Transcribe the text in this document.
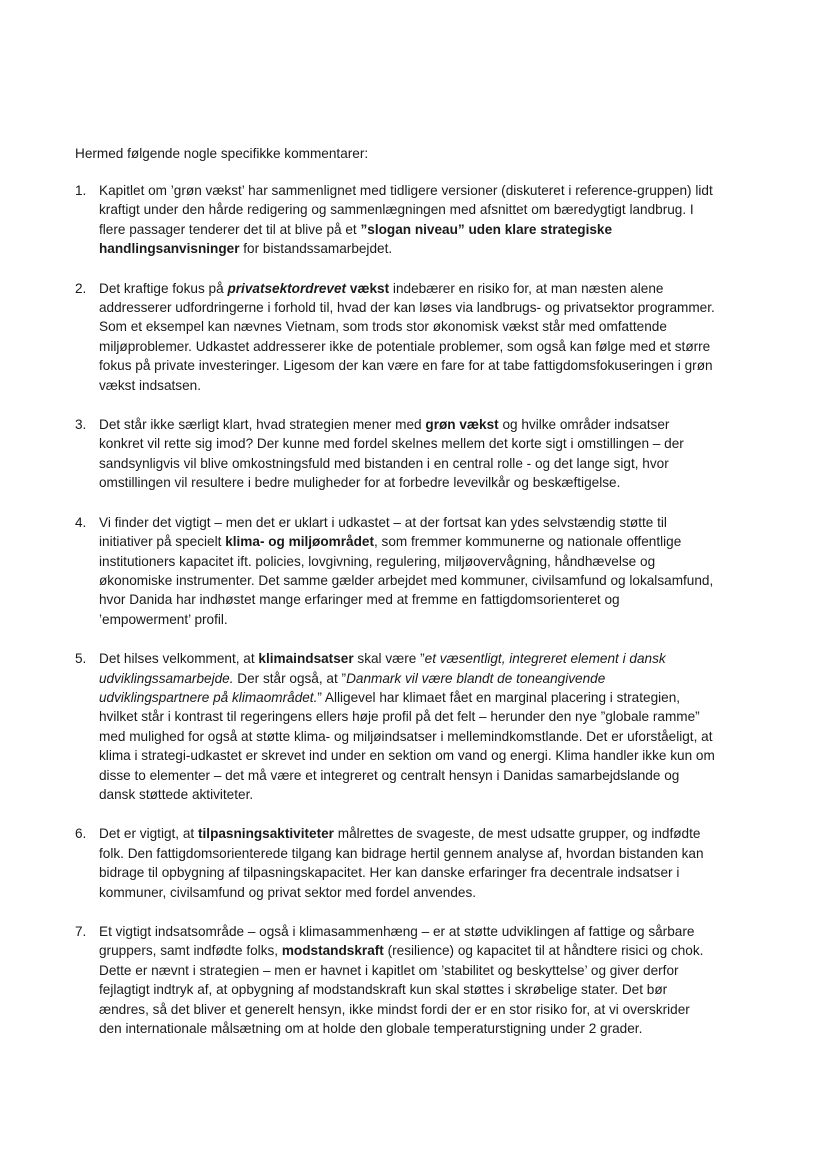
Hermed følgende nogle specifikke kommentarer:

1. Kapitlet om ’grøn vækst’ har sammenlignet med tidligere versioner (diskuteret i reference-gruppen) lidt kraftigt under den hårde redigering og sammenlægningen med afsnittet om bæredygtigt landbrug. I flere passager tenderer det til at blive på et ”slogan niveau” uden klare strategiske handlingsanvisninger for bistandssamarbejdet.
2. Det kraftige fokus på privatsektordrevet vækst indebærer en risiko for, at man næsten alene addresserer udfordringerne i forhold til, hvad der kan løses via landbrugs- og privatsektor programmer. Som et eksempel kan nævnes Vietnam, som trods stor økonomisk vækst står med omfattende miljøproblemer. Udkastet addresserer ikke de potentiale problemer, som også kan følge med et større fokus på private investeringer. Ligesom der kan være en fare for at tabe fattigdomsfokuseringen i grøn vækst indsatsen.
3. Det står ikke særligt klart, hvad strategien mener med grøn vækst og hvilke områder indsatser konkret vil rette sig imod? Der kunne med fordel skelnes mellem det korte sigt i omstillingen – der sandsynligvis vil blive omkostningsfuld med bistanden i en central rolle - og det lange sigt, hvor omstillingen vil resultere i bedre muligheder for at forbedre levevilkår og beskæftigelse.
4. Vi finder det vigtigt – men det er uklart i udkastet – at der fortsat kan ydes selvstændig støtte til initiativer på specielt klima- og miljøområdet, som fremmer kommunerne og nationale offentlige institutioners kapacitet ift. policies, lovgivning, regulering, miljøovervågning, håndhævelse og økonomiske instrumenter. Det samme gælder arbejdet med kommuner, civilsamfund og lokalsamfund, hvor Danida har indhøstet mange erfaringer med at fremme en fattigdomsorienteret og ’empowerment’ profil.
5. Det hilses velkomment, at klimaindsatser skal være ”et væsentligt, integreret element i dansk udviklingssamarbejde. Der står også, at ”Danmark vil være blandt de toneangivende udviklingspartnere på klimaområdet.” Alligevel har klimaet fået en marginal placering i strategien, hvilket står i kontrast til regeringens ellers høje profil på det felt – herunder den nye ”globale ramme” med mulighed for også at støtte klima- og miljøindsatser i mellemindkomstlande. Det er uforståeligt, at klima i strategi-udkastet er skrevet ind under en sektion om vand og energi. Klima handler ikke kun om disse to elementer – det må være et integreret og centralt hensyn i Danidas samarbejdslande og dansk støttede aktiviteter.
6. Det er vigtigt, at tilpasningsaktiviteter målrettes de svageste, de mest udsatte grupper, og indfødte folk. Den fattigdomsorienterede tilgang kan bidrage hertil gennem analyse af, hvordan bistanden kan bidrage til opbygning af tilpasningskapacitet. Her kan danske erfaringer fra decentrale indsatser i kommuner, civilsamfund og privat sektor med fordel anvendes.
7. Et vigtigt indsatsområde – også i klimasammenhæng – er at støtte udviklingen af fattige og sårbare gruppers, samt indfødte folks, modstandskraft (resilience) og kapacitet til at håndtere risici og chok. Dette er nævnt i strategien – men er havnet i kapitlet om ’stabilitet og beskyttelse’ og giver derfor fejlagtigt indtryk af, at opbygning af modstandskraft kun skal støttes i skrøbelige stater. Det bør ændres, så det bliver et generelt hensyn, ikke mindst fordi der er en stor risiko for, at vi overskrider den internationale målsætning om at holde den globale temperaturstigning under 2 grader.
